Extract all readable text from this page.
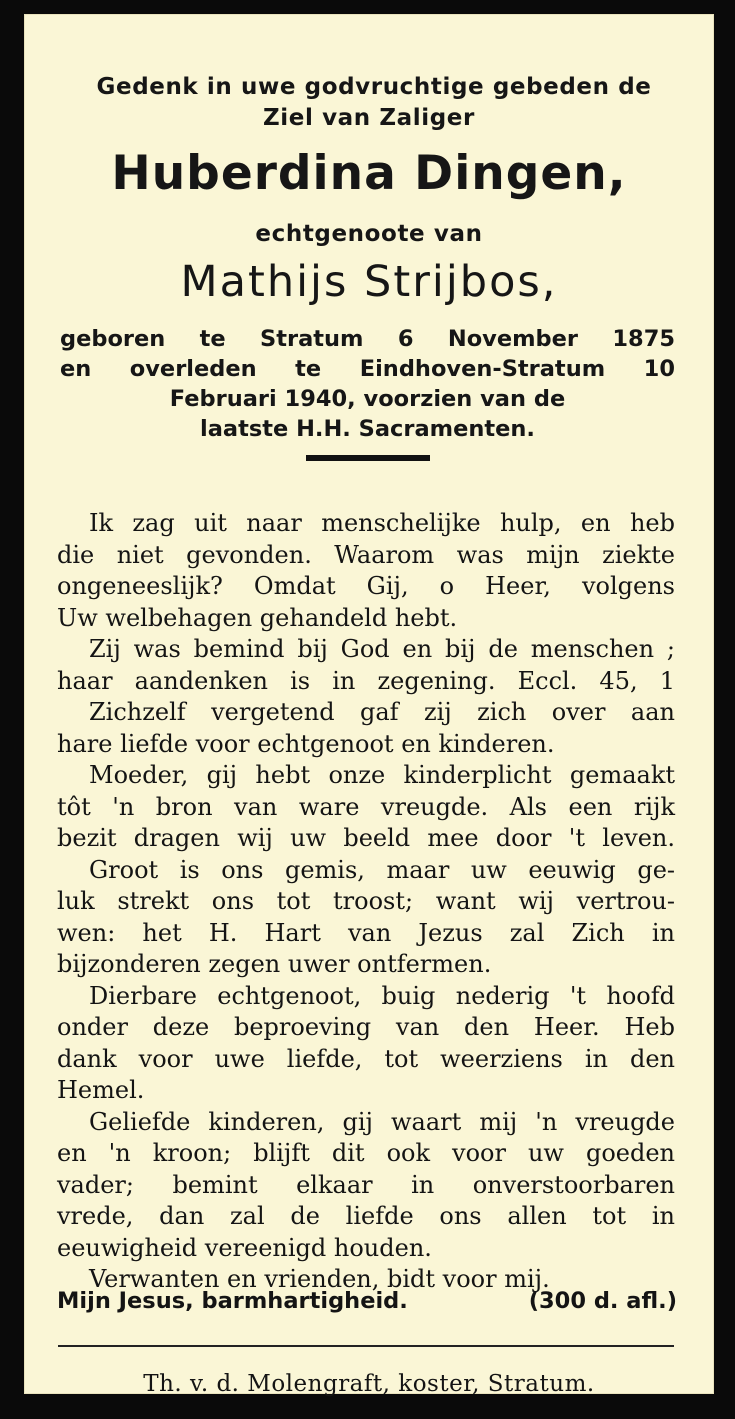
Gedenk in uwe godvruchtige gebeden de
Ziel van Zaliger
Huberdina Dingen,
echtgenoote van
Mathijs Strijbos,
geboren te Stratum 6 November 1875
en overleden te Eindhoven-Stratum 10
Februari 1940, voorzien van de
laatste H.H. Sacramenten.
Ik zag uit naar menschelijke hulp, en heb
die niet gevonden. Waarom was mijn ziekte
ongeneeslijk? Omdat Gij, o Heer, volgens
Uw welbehagen gehandeld hebt.
Zij was bemind bij God en bij de menschen ;
haar aandenken is in zegening. Eccl. 45, 1
Zichzelf vergetend gaf zij zich over aan
hare liefde voor echtgenoot en kinderen.
Moeder, gij hebt onze kinderplicht gemaakt
tôt 'n bron van ware vreugde. Als een rijk
bezit dragen wij uw beeld mee door 't leven.
Groot is ons gemis, maar uw eeuwig ge-
luk strekt ons tot troost; want wij vertrou-
wen: het H. Hart van Jezus zal Zich in
bijzonderen zegen uwer ontfermen.
Dierbare echtgenoot, buig nederig 't hoofd
onder deze beproeving van den Heer. Heb
dank voor uwe liefde, tot weerziens in den
Hemel.
Geliefde kinderen, gij waart mij 'n vreugde
en 'n kroon; blijft dit ook voor uw goeden
vader; bemint elkaar in onverstoorbaren
vrede, dan zal de liefde ons allen tot in
eeuwigheid vereenigd houden.
Verwanten en vrienden, bidt voor mij.
Mijn Jesus, barmhartigheid.	(300 d. afl.)
Th. v. d. Molengraft, koster, Stratum.
